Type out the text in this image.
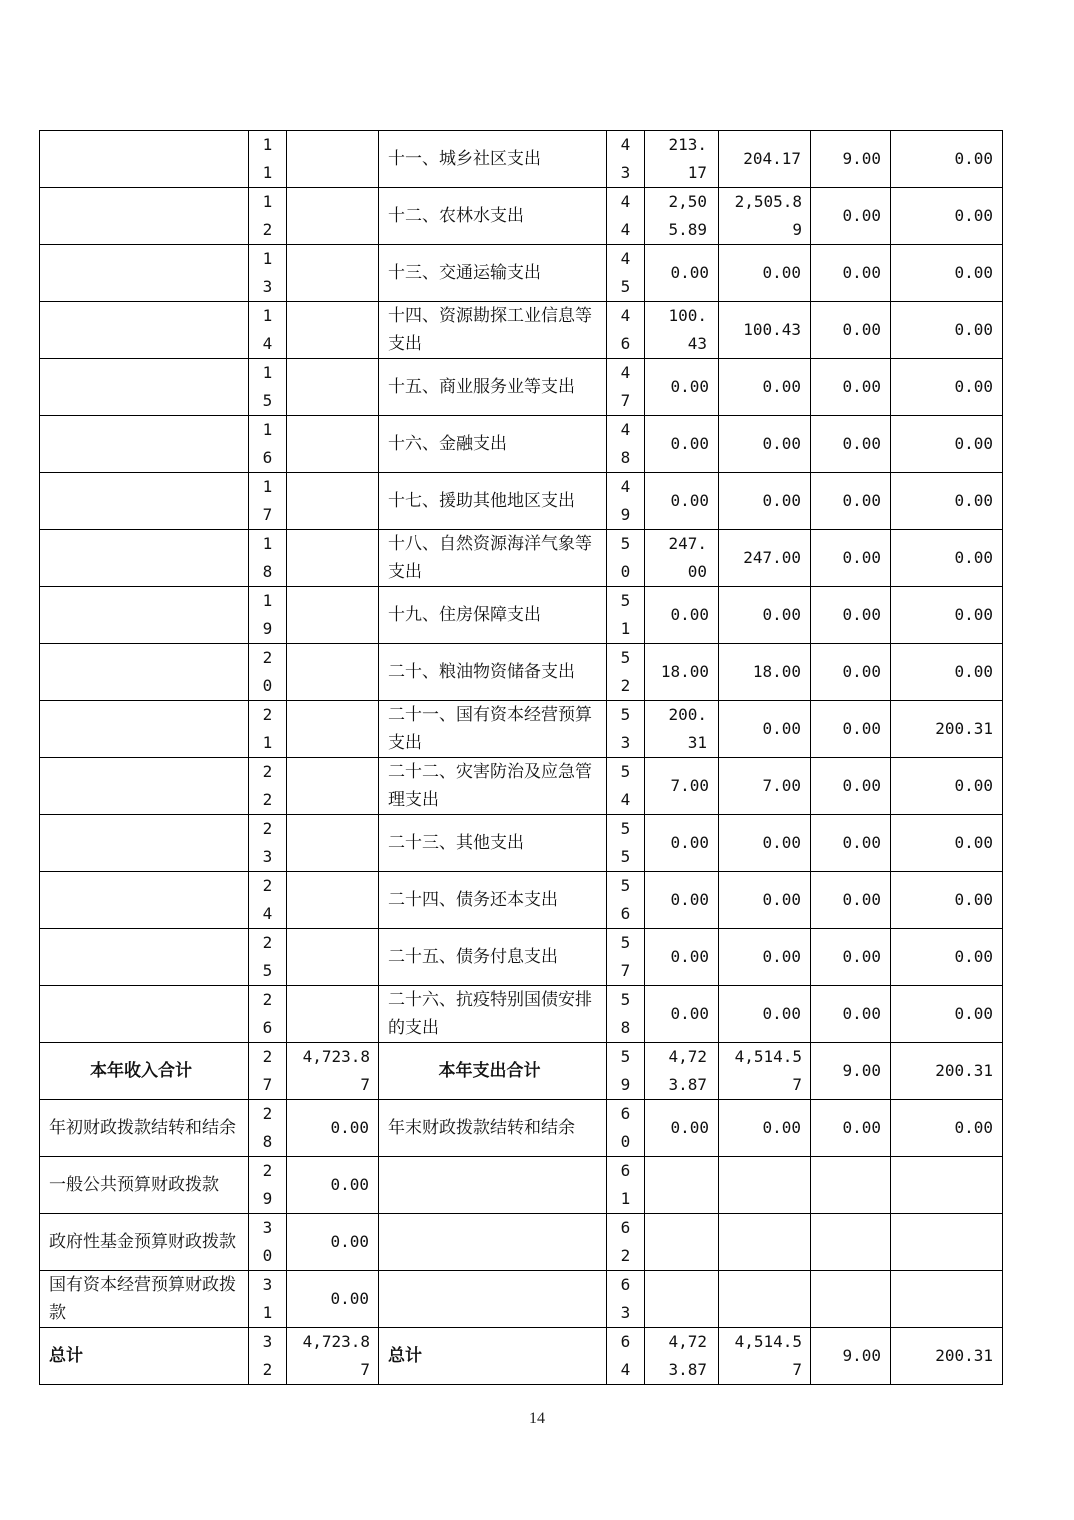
	11		十一、城乡社区支出	43	213.17	204.17	9.00	0.00

	12		十二、农林水支出	44	2,505.89	2,505.89	0.00	0.00

	13		十三、交通运输支出	45	0.00	0.00	0.00	0.00

	14		十四、资源勘探工业信息等支出	46	100.43	100.43	0.00	0.00

	15		十五、商业服务业等支出	47	0.00	0.00	0.00	0.00

	16		十六、金融支出	48	0.00	0.00	0.00	0.00

	17		十七、援助其他地区支出	49	0.00	0.00	0.00	0.00

	18		十八、自然资源海洋气象等支出	50	247.00	247.00	0.00	0.00

	19		十九、住房保障支出	51	0.00	0.00	0.00	0.00

	20		二十、粮油物资储备支出	52	18.00	18.00	0.00	0.00

	21		二十一、国有资本经营预算支出	53	200.31	0.00	0.00	200.31

	22		二十二、灾害防治及应急管理支出	54	7.00	7.00	0.00	0.00

	23		二十三、其他支出	55	0.00	0.00	0.00	0.00

	24		二十四、债务还本支出	56	0.00	0.00	0.00	0.00

	25		二十五、债务付息支出	57	0.00	0.00	0.00	0.00

	26		二十六、抗疫特别国债安排的支出	58	0.00	0.00	0.00	0.00
本年收入合计	27	4,723.87	本年支出合计	59	4,723.87	4,514.57	9.00	200.31
年初财政拨款结转和结余	28	0.00	年末财政拨款结转和结余	60	0.00	0.00	0.00	0.00
一般公共预算财政拨款	29	0.00		61				

政府性基金预算财政拨款	30	0.00		62				

国有资本经营预算财政拨款	31	0.00		63				

总计	32	4,723.87	总计	64	4,723.87	4,514.57	9.00	200.31
14
